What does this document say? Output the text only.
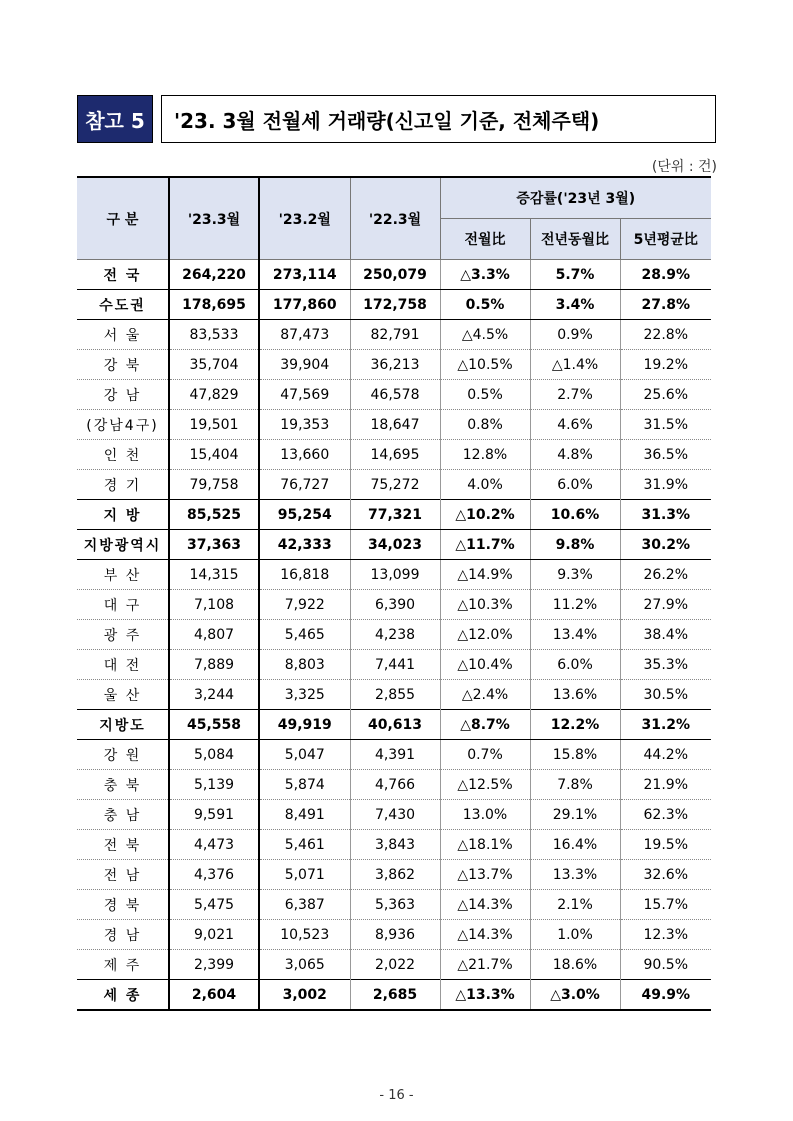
참고 5	'23. 3월 전월세 거래량(신고일 기준, 전체주택)
(단위 : 건)
구 분	'23.3월	'23.2월	'22.3월	증감률('23년 3월)		
				전월比	전년동월比	5년평균比
전 국	264,220	273,114	250,079	△3.3%	5.7%	28.9%
수도권	178,695	177,860	172,758	0.5%	3.4%	27.8%
서 울	83,533	87,473	82,791	△4.5%	0.9%	22.8%
강 북	35,704	39,904	36,213	△10.5%	△1.4%	19.2%
강 남	47,829	47,569	46,578	0.5%	2.7%	25.6%
(강남4구)	19,501	19,353	18,647	0.8%	4.6%	31.5%
인 천	15,404	13,660	14,695	12.8%	4.8%	36.5%
경 기	79,758	76,727	75,272	4.0%	6.0%	31.9%
지 방	85,525	95,254	77,321	△10.2%	10.6%	31.3%
지방광역시	37,363	42,333	34,023	△11.7%	9.8%	30.2%
부 산	14,315	16,818	13,099	△14.9%	9.3%	26.2%
대 구	7,108	7,922	6,390	△10.3%	11.2%	27.9%
광 주	4,807	5,465	4,238	△12.0%	13.4%	38.4%
대 전	7,889	8,803	7,441	△10.4%	6.0%	35.3%
울 산	3,244	3,325	2,855	△2.4%	13.6%	30.5%
지방도	45,558	49,919	40,613	△8.7%	12.2%	31.2%
강 원	5,084	5,047	4,391	0.7%	15.8%	44.2%
충 북	5,139	5,874	4,766	△12.5%	7.8%	21.9%
충 남	9,591	8,491	7,430	13.0%	29.1%	62.3%
전 북	4,473	5,461	3,843	△18.1%	16.4%	19.5%
전 남	4,376	5,071	3,862	△13.7%	13.3%	32.6%
경 북	5,475	6,387	5,363	△14.3%	2.1%	15.7%
경 남	9,021	10,523	8,936	△14.3%	1.0%	12.3%
제 주	2,399	3,065	2,022	△21.7%	18.6%	90.5%
세 종	2,604	3,002	2,685	△13.3%	△3.0%	49.9%
- 16 -
